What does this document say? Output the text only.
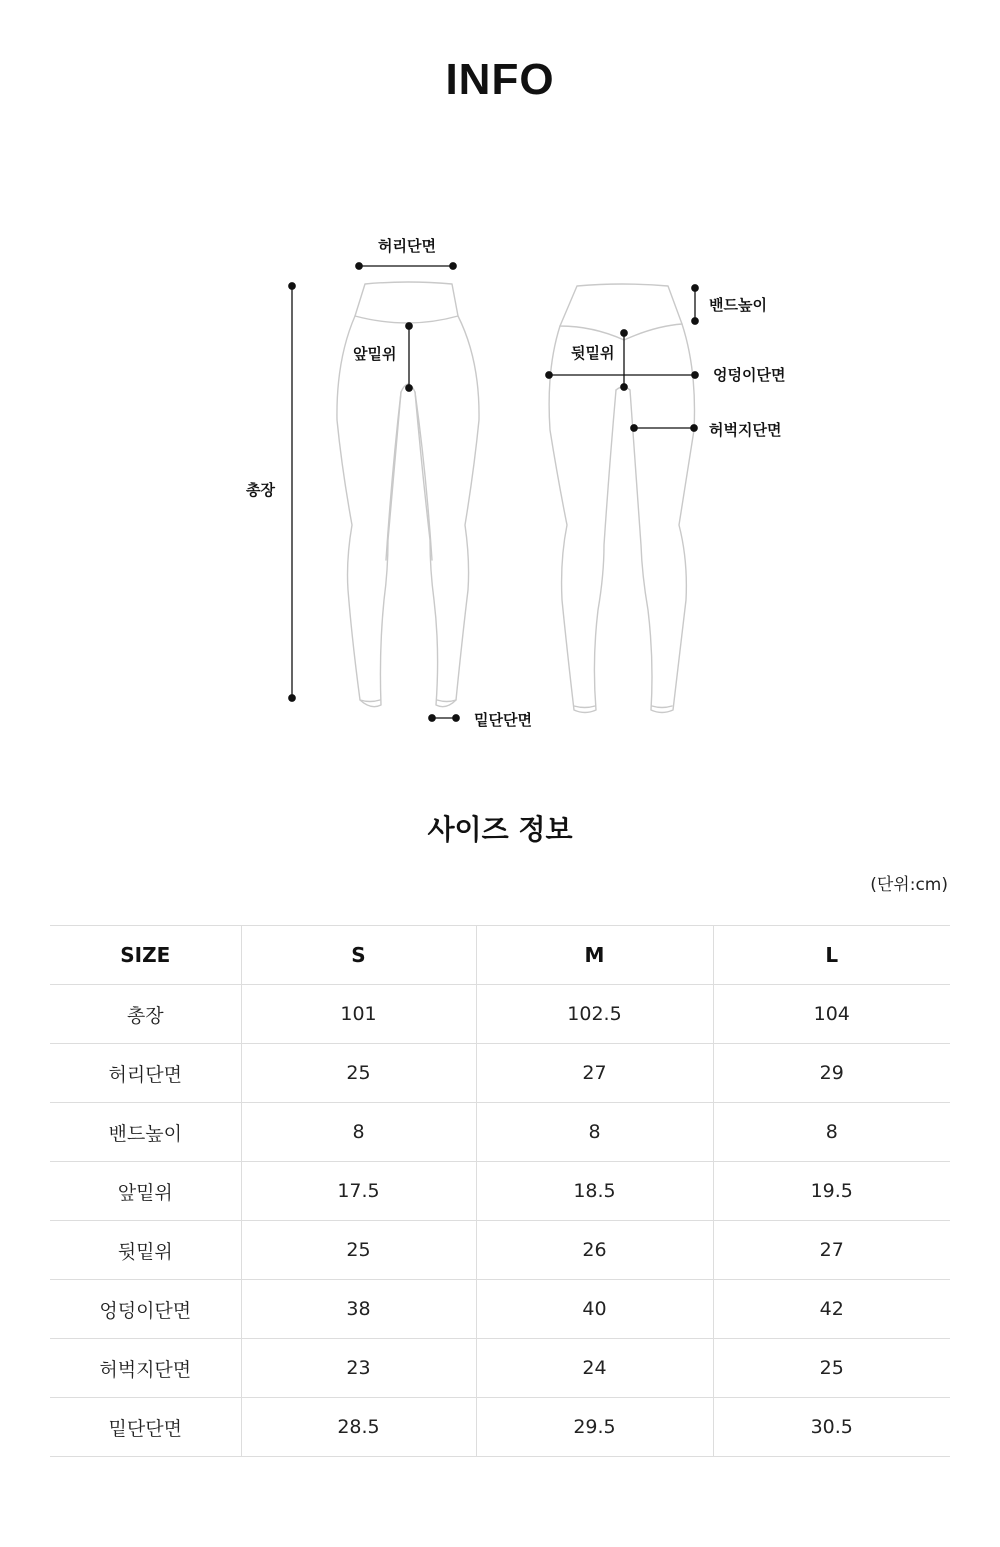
INFO
허리단면
총장
앞밑위
밑단단면
밴드높이
뒷밑위
엉덩이단면
허벅지단면
사이즈 정보
(단위:cm)
SIZE	S	M	L
총장	101	102.5	104
허리단면	25	27	29
밴드높이	8	8	8
앞밑위	17.5	18.5	19.5
뒷밑위	25	26	27
엉덩이단면	38	40	42
허벅지단면	23	24	25
밑단단면	28.5	29.5	30.5
